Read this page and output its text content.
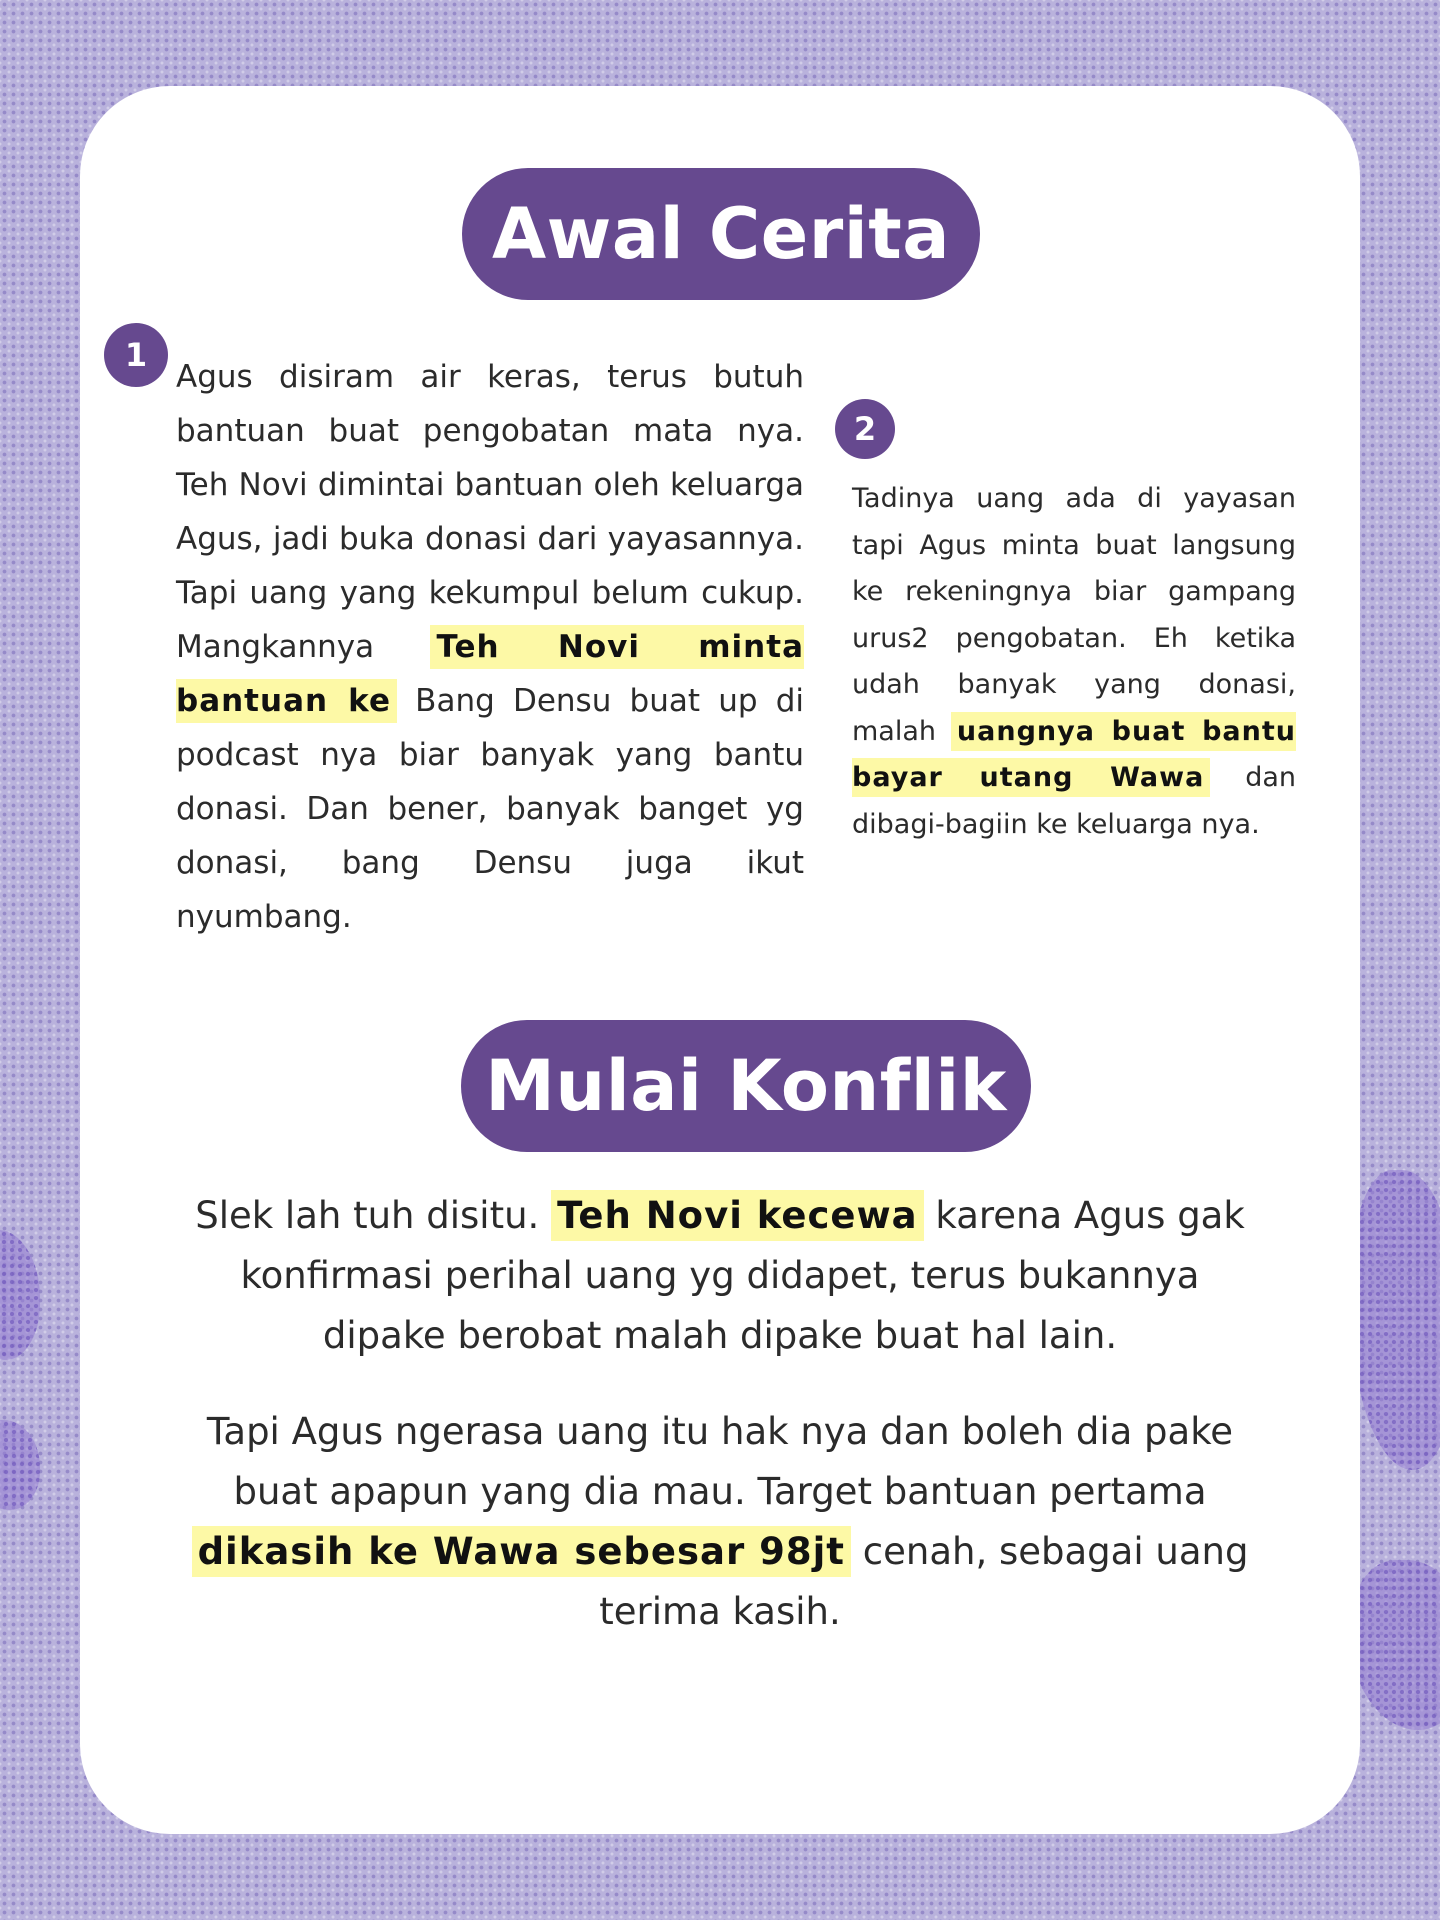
Awal Cerita
1
Agus disiram air keras, terus butuh bantuan buat pengobatan mata nya. Teh Novi dimintai bantuan oleh keluarga Agus, jadi buka donasi dari yayasannya. Tapi uang yang kekumpul belum cukup. Mangkannya Teh Novi minta bantuan ke Bang Densu buat up di podcast nya biar banyak yang bantu donasi. Dan bener, banyak banget yg donasi, bang Densu juga ikut nyumbang.
2
Tadinya uang ada di yayasan tapi Agus minta buat langsung ke rekeningnya biar gampang urus2 pengobatan. Eh ketika udah banyak yang donasi, malah uangnya buat bantu bayar utang Wawa dan dibagi-bagiin ke keluarga nya.
Mulai Konflik
Slek lah tuh disitu. Teh Novi kecewa karena Agus gak konfirmasi perihal uang yg didapet, terus bukannya dipake berobat malah dipake buat hal lain.
Tapi Agus ngerasa uang itu hak nya dan boleh dia pake buat apapun yang dia mau. Target bantuan pertama dikasih ke Wawa sebesar 98jt cenah, sebagai uang terima kasih.
